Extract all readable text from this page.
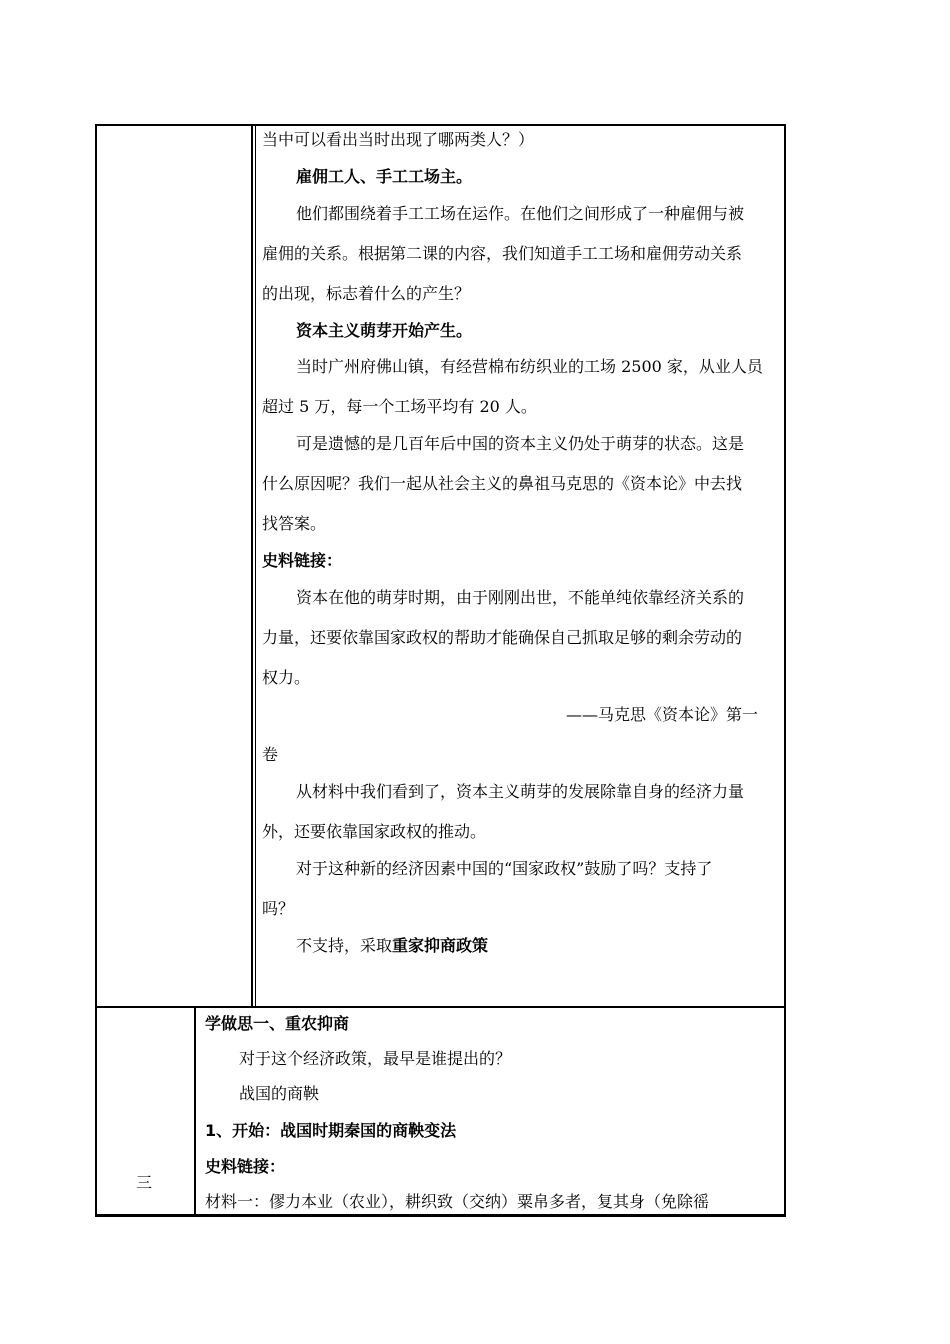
当中可以看出当时出现了哪两类人？）
雇佣工人、手工工场主。
他们都围绕着手工工场在运作。在他们之间形成了一种雇佣与被
雇佣的关系。根据第二课的内容，我们知道手工工场和雇佣劳动关系
的出现，标志着什么的产生？
资本主义萌芽开始产生。
当时广州府佛山镇，有经营棉布纺织业的工场 2500 家，从业人员
超过 5 万，每一个工场平均有 20 人。
可是遗憾的是几百年后中国的资本主义仍处于萌芽的状态。这是
什么原因呢？我们一起从社会主义的鼻祖马克思的《资本论》中去找
找答案。
史料链接：
资本在他的萌芽时期，由于刚刚出世，不能单纯依靠经济关系的
力量，还要依靠国家政权的帮助才能确保自己抓取足够的剩余劳动的
权力。
——马克思《资本论》第一
卷
从材料中我们看到了，资本主义萌芽的发展除靠自身的经济力量
外，还要依靠国家政权的推动。
对于这种新的经济因素中国的“国家政权”鼓励了吗？支持了
吗？
不支持，采取重家抑商政策
三
学做思一、重农抑商
对于这个经济政策，最早是谁提出的？
战国的商鞅
1、开始：战国时期秦国的商鞅变法
史料链接：
材料一：僇力本业（农业），耕织致（交纳）粟帛多者，复其身（免除徭
